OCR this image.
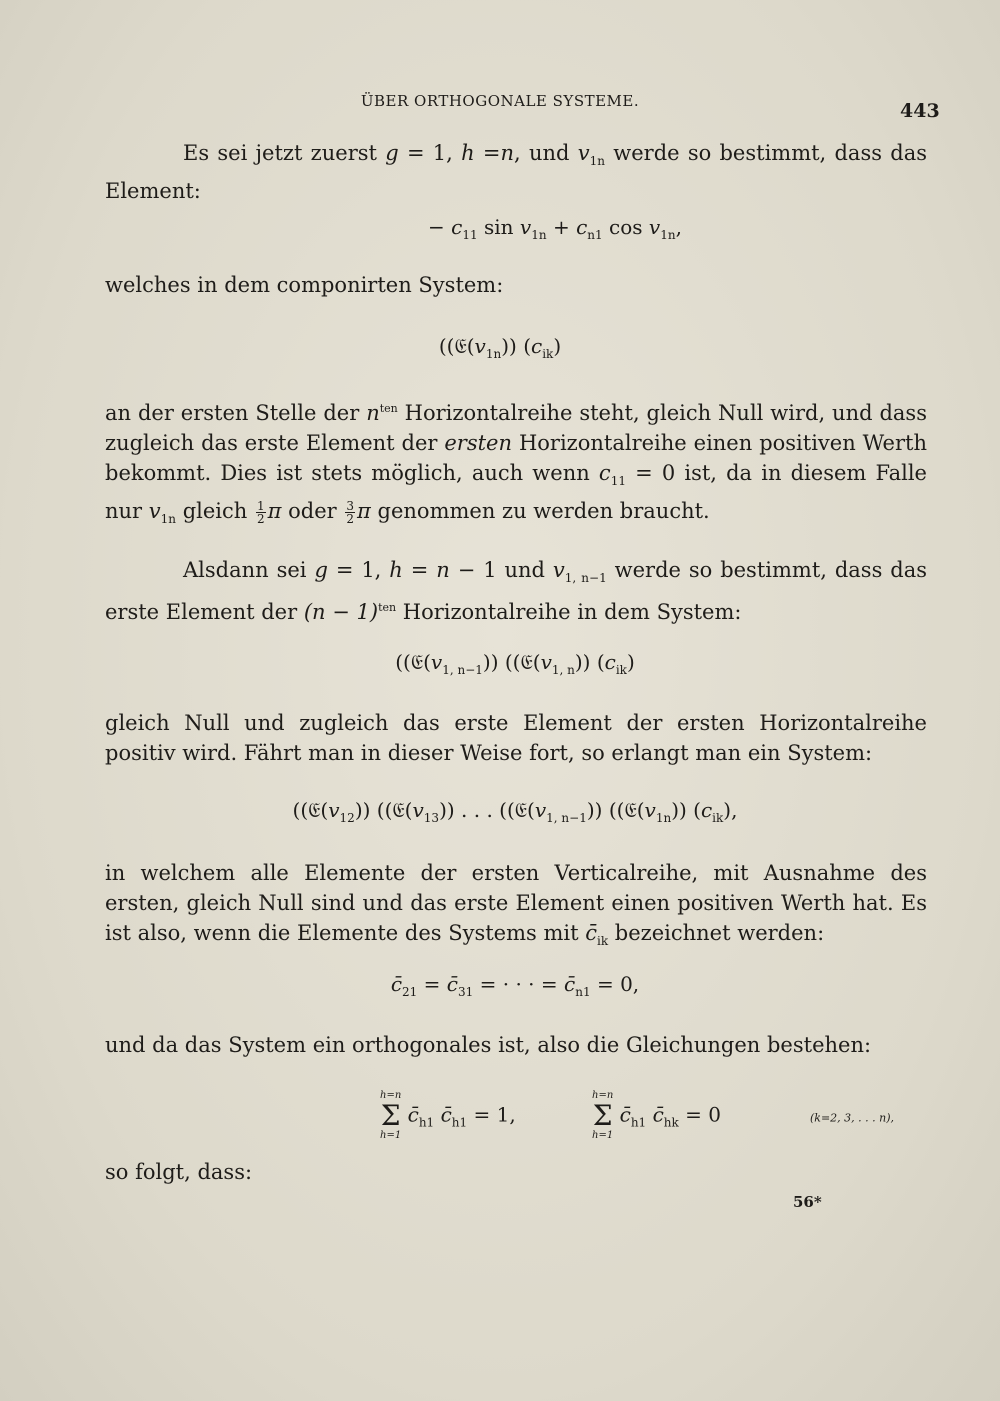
ÜBER ORTHOGONALE SYSTEME.	443
Es sei jetzt zuerst g = 1, h =n, und $v_{1n}$ werde so bestimmt, dass das Element:
− $c_{11}$ $\sin v_{1n} + c_{n1}$ $\cos v_{1n}$,
welches in dem componirten System:
($(𝔈(v_{1n}))$ $(c_{ik})$
an der ersten Stelle der $n^{ten}$ Horizontalreihe steht, gleich Null wird, und dass zugleich das erste Element der ersten Horizontalreihe einen positiven Werth bekommt. Dies ist stets möglich, auch wenn $c_{11} = 0$ ist, da in diesem Falle nur $v_{1n}$ gleich $\frac{1}{2}$ π oder $\frac{3}{2}$ π genommen zu werden braucht.
Alsdann sei g = 1, h = n − 1 und $v_{1, n-1}$ werde so bestimmt, dass das erste Element der $(n - 1)^{ten}$ Horizontalreihe in dem System:
($(𝔈(v_{1, n-1}))$ ($(𝔈(v_{1, n}))$ $(c_{ik})$
gleich Null und zugleich das erste Element der ersten Horizontalreihe positiv wird. Fährt man in dieser Weise fort, so erlangt man ein System:
($(𝔈(v_{12}))$ ($(𝔈(v_{13}))$ . . . ($(𝔈(v_{1, n-1}))$ ($(𝔈(v_{1n}))$ $(c_{ik})$,
in welchem alle Elemente der ersten Verticalreihe, mit Ausnahme des ersten, gleich Null sind und das erste Element einen positiven Werth hat. Es ist also, wenn die Elemente des Systems mit $c̄_{ik}$ bezeichnet werden:
$c̄_{21}$ = $c̄_{31}$ = · · · = $c̄_{n1} = 0$,
und da das System ein orthogonales ist, also die Gleichungen bestehen:
h=n
Σ
h=1
$c̄_{h1}$ $c̄_{h1} = 1$,
h=n
Σ
h=1
$c̄_{h1}$ $c̄_{hk} = 0$	(k=2, 3, . . . n),
so folgt, dass:
56*
